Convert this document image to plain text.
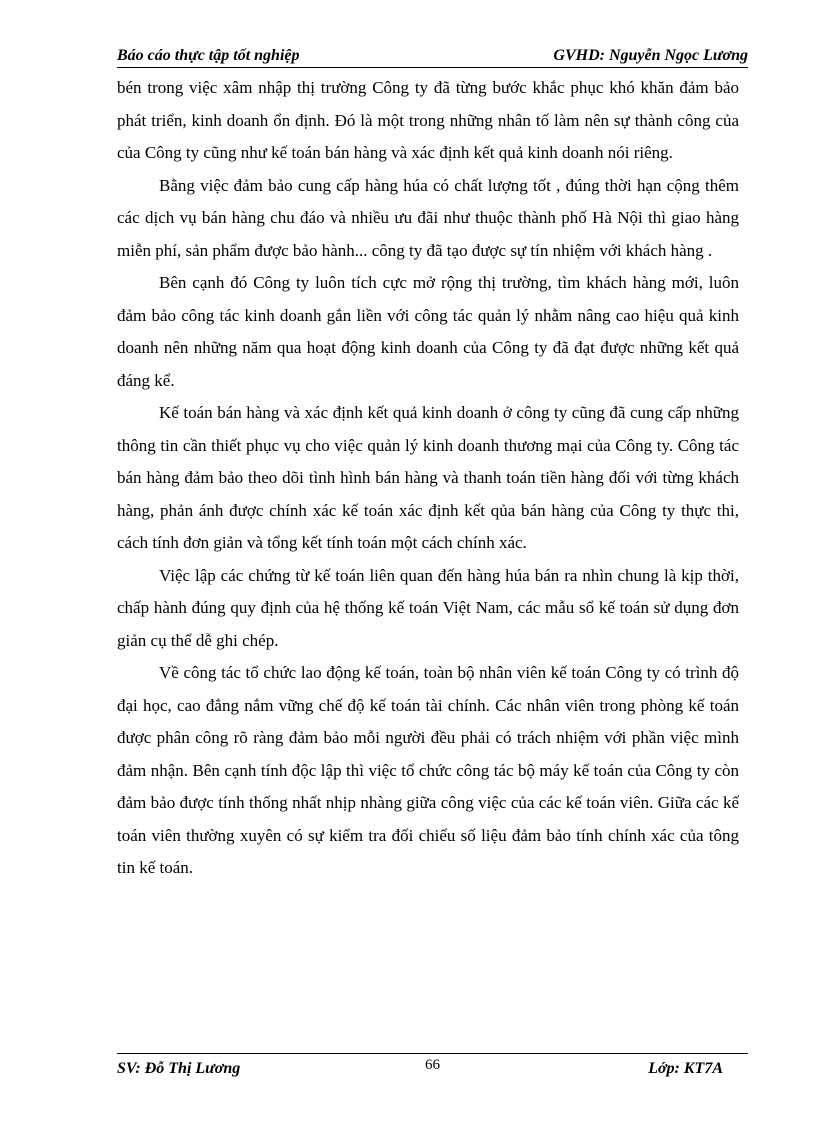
Báo cáo thực tập tốt nghiệp	GVHD: Nguyễn Ngọc Lương

bén trong việc xâm nhập thị trường Công ty đã từng bước khắc phục khó khăn đảm bảo phát triển, kinh doanh ổn định. Đó là một trong những nhân tố làm nên sự thành công của của Công ty cũng như kế toán bán hàng và xác định kết quả kinh doanh nói riêng.

Bằng việc đảm bảo cung cấp hàng húa có chất lượng tốt , đúng thời hạn cộng thêm các dịch vụ bán hàng chu đáo và nhiều ưu đãi như thuộc thành phố Hà Nội thì giao hàng miễn phí, sản phẩm được bảo hành... công ty đã tạo được sự tín nhiệm với khách hàng .

Bên cạnh đó Công ty luôn tích cực mở rộng thị trường, tìm khách hàng mới, luôn đảm bảo công tác kinh doanh gắn liền với công tác quản lý nhằm nâng cao hiệu quả kinh doanh nên những năm qua hoạt động kinh doanh của Công ty đã đạt được những kết quả đáng kể.

Kế toán bán hàng và xác định kết quả kinh doanh ở công ty cũng đã cung cấp những thông tin cần thiết phục vụ cho việc quản lý kinh doanh thương mại của Công ty. Công tác bán hàng đảm bảo theo dõi tình hình bán hàng và thanh toán tiền hàng đối với từng khách hàng, phản ánh được chính xác kế toán xác định kết qủa bán hàng của Công ty thực thi, cách tính đơn giản và tổng kết tính toán một cách chính xác.

Việc lập các chứng từ kế toán liên quan đến hàng húa bán ra nhìn chung là kịp thời, chấp hành đúng quy định của hệ thống kế toán Việt Nam, các mẫu sổ kế toán sử dụng đơn giản cụ thể dễ ghi chép.

Về công tác tổ chức lao động kế toán, toàn bộ nhân viên kế toán Công ty có trình độ đại học, cao đẳng nắm vững chế độ kế toán tài chính. Các nhân viên trong phòng kế toán được phân công rõ ràng đảm bảo mỗi người đều phải có trách nhiệm với phần việc mình đảm nhận. Bên cạnh tính độc lập thì việc tổ chức công tác bộ máy kế toán của Công ty còn đảm bảo được tính thống nhất nhịp nhàng giữa công việc của các kế toán viên. Giữa các kế toán viên thường xuyên có sự kiểm tra đối chiếu số liệu đảm bảo tính chính xác của tông tin kế toán.

SV: Đỗ Thị Lương	66	Lớp: KT7A
